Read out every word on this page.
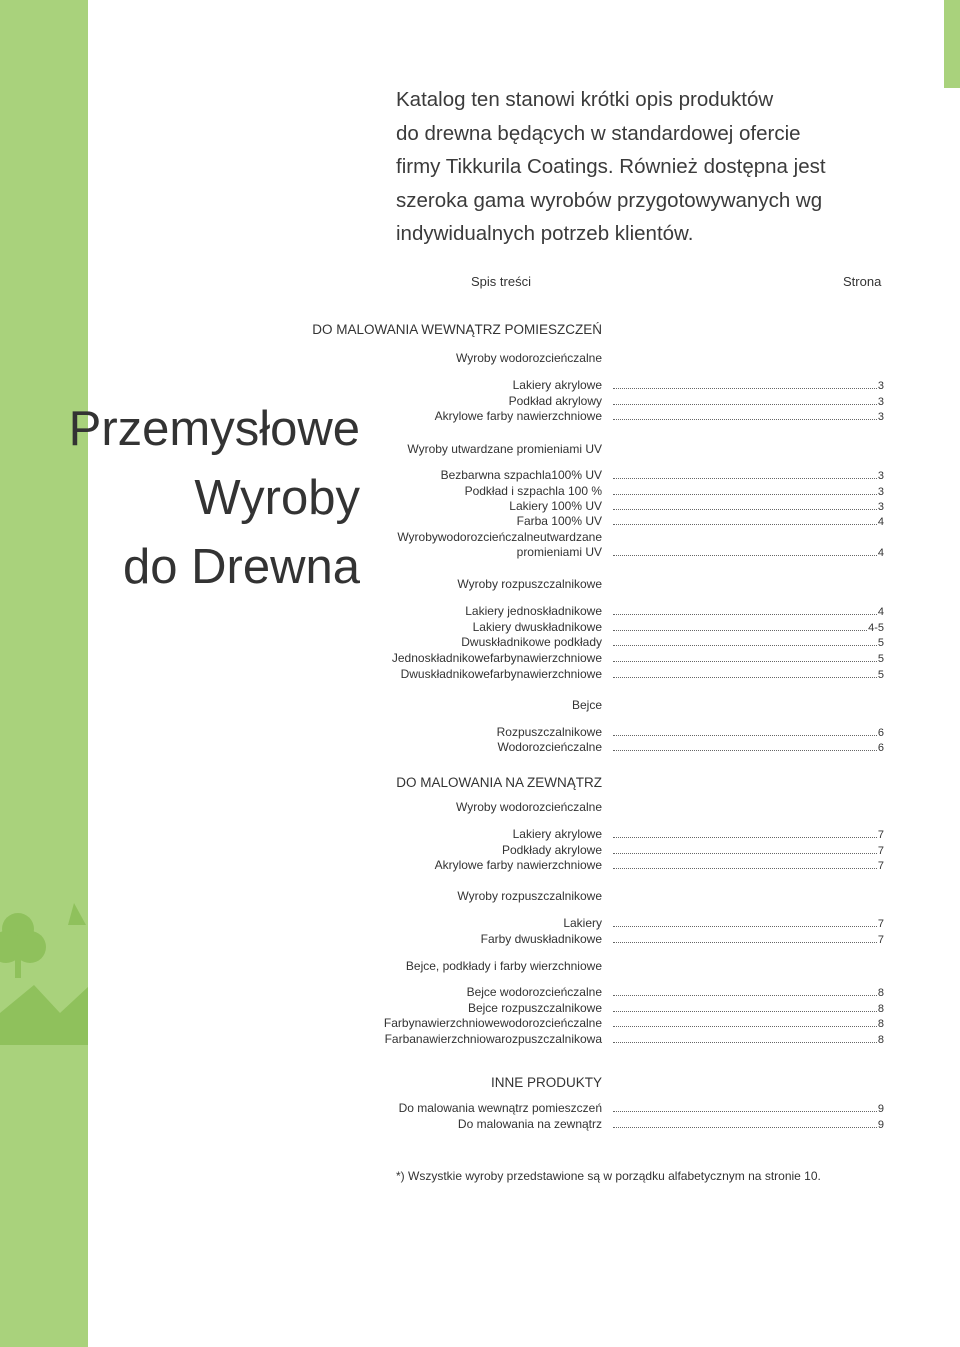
Katalog ten stanowi krótki opis produktów
do drewna będących w standardowej ofercie
firmy Tikkurila Coatings. Również dostępna jest
szeroka gama wyrobów przygotowywanych wg
indywidualnych potrzeb klientów.
Spis treści	Strona
Przemysłowe
Wyroby
do Drewna
DO MALOWANIA WEWNĄTRZ POMIESZCZEŃ
Wyroby wodorozcieńczalne
Lakiery akrylowe	3
Podkład akrylowy	3
Akrylowe farby nawierzchniowe	3
Wyroby utwardzane promieniami UV
Bezbarwna szpachla100% UV	3
Podkład i szpachla 100 %	3
Lakiery 100% UV	3
Farba 100% UV	4
Wyrobywodorozcieńczalneutwardzane
promieniami UV	4
Wyroby rozpuszczalnikowe
Lakiery jednoskładnikowe	4
Lakiery dwuskładnikowe	4-5
Dwuskładnikowe podkłady	5
Jednoskładnikowefarbynawierzchniowe	5
Dwuskładnikowefarbynawierzchniowe	5
Bejce
Rozpuszczalnikowe	6
Wodorozcieńczalne	6
DO MALOWANIA NA ZEWNĄTRZ
Wyroby wodorozcieńczalne
Lakiery akrylowe	7
Podkłady akrylowe	7
Akrylowe farby nawierzchniowe	7
Wyroby rozpuszczalnikowe
Lakiery	7
Farby dwuskładnikowe	7
Bejce, podkłady i farby wierzchniowe
Bejce wodorozcieńczalne	8
Bejce rozpuszczalnikowe	8
Farbynawierzchniowewodorozcieńczalne	8
Farbanawierzchniowarozpuszczalnikowa	8
INNE PRODUKTY
Do malowania wewnątrz pomieszczeń	9
Do malowania na zewnątrz	9
*) Wszystkie wyroby przedstawione są w porządku alfabetycznym na stronie 10.
